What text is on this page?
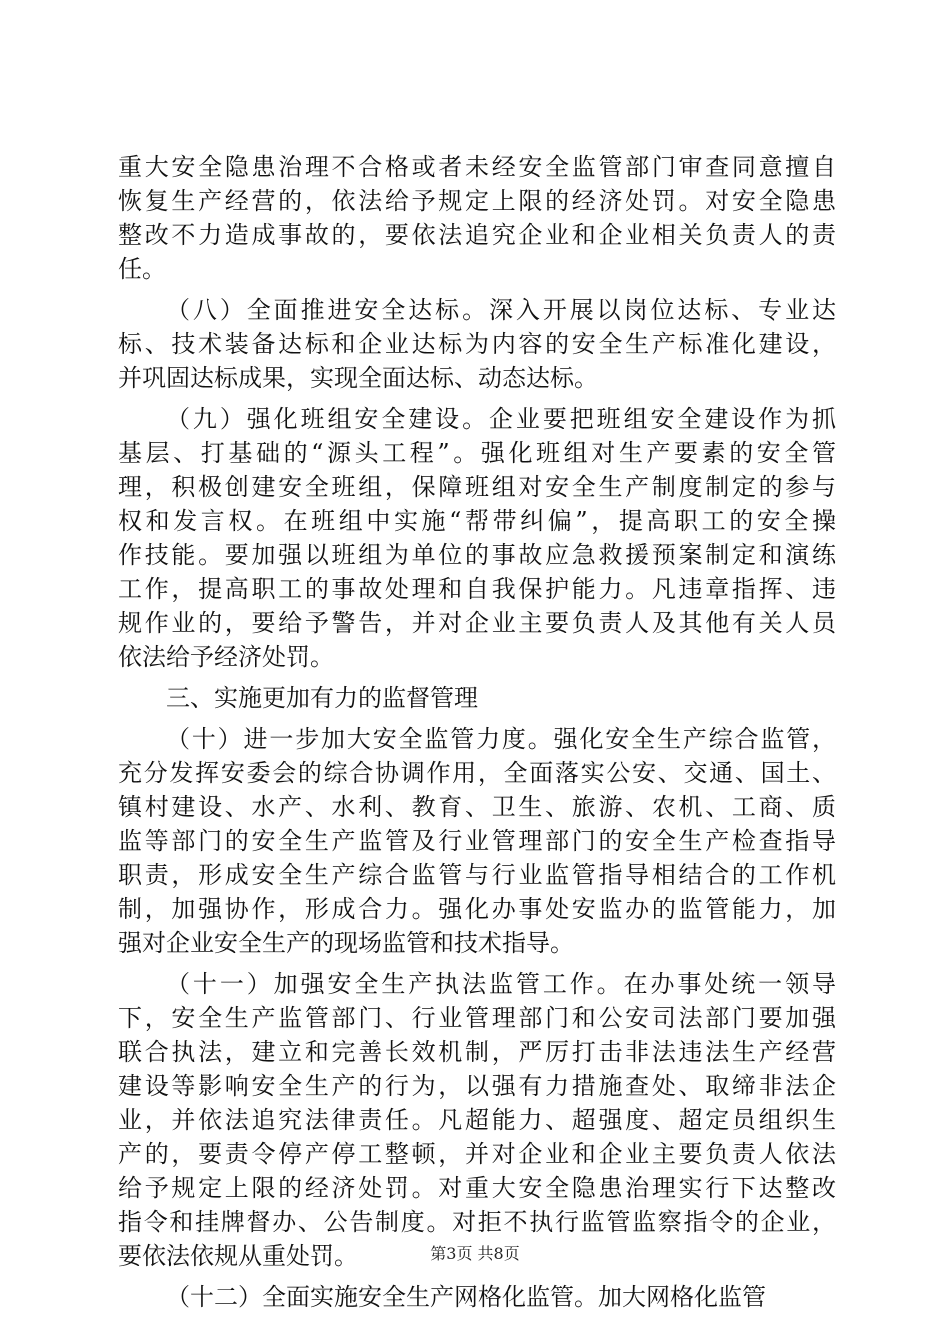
重大安全隐患治理不合格或者未经安全监管部门审查同意擅自
恢复生产经营的，依法给予规定上限的经济处罚。对安全隐患
整改不力造成事故的，要依法追究企业和企业相关负责人的责
任。
（八）全面推进安全达标。深入开展以岗位达标、专业达
标、技术装备达标和企业达标为内容的安全生产标准化建设，
并巩固达标成果，实现全面达标、动态达标。
（九）强化班组安全建设。企业要把班组安全建设作为抓
基层、打基础的“源头工程”。强化班组对生产要素的安全管
理，积极创建安全班组，保障班组对安全生产制度制定的参与
权和发言权。在班组中实施“帮带纠偏”，提高职工的安全操
作技能。要加强以班组为单位的事故应急救援预案制定和演练
工作，提高职工的事故处理和自我保护能力。凡违章指挥、违
规作业的，要给予警告，并对企业主要负责人及其他有关人员
依法给予经济处罚。
三、实施更加有力的监督管理
（十）进一步加大安全监管力度。强化安全生产综合监管，
充分发挥安委会的综合协调作用，全面落实公安、交通、国土、
镇村建设、水产、水利、教育、卫生、旅游、农机、工商、质
监等部门的安全生产监管及行业管理部门的安全生产检查指导
职责，形成安全生产综合监管与行业监管指导相结合的工作机
制，加强协作，形成合力。强化办事处安监办的监管能力，加
强对企业安全生产的现场监管和技术指导。
（十一）加强安全生产执法监管工作。在办事处统一领导
下，安全生产监管部门、行业管理部门和公安司法部门要加强
联合执法，建立和完善长效机制，严厉打击非法违法生产经营
建设等影响安全生产的行为，以强有力措施查处、取缔非法企
业，并依法追究法律责任。凡超能力、超强度、超定员组织生
产的，要责令停产停工整顿，并对企业和企业主要负责人依法
给予规定上限的经济处罚。对重大安全隐患治理实行下达整改
指令和挂牌督办、公告制度。对拒不执行监管监察指令的企业，
要依法依规从重处罚。
（十二）全面实施安全生产网格化监管。加大网格化监管
第3页 共8页
